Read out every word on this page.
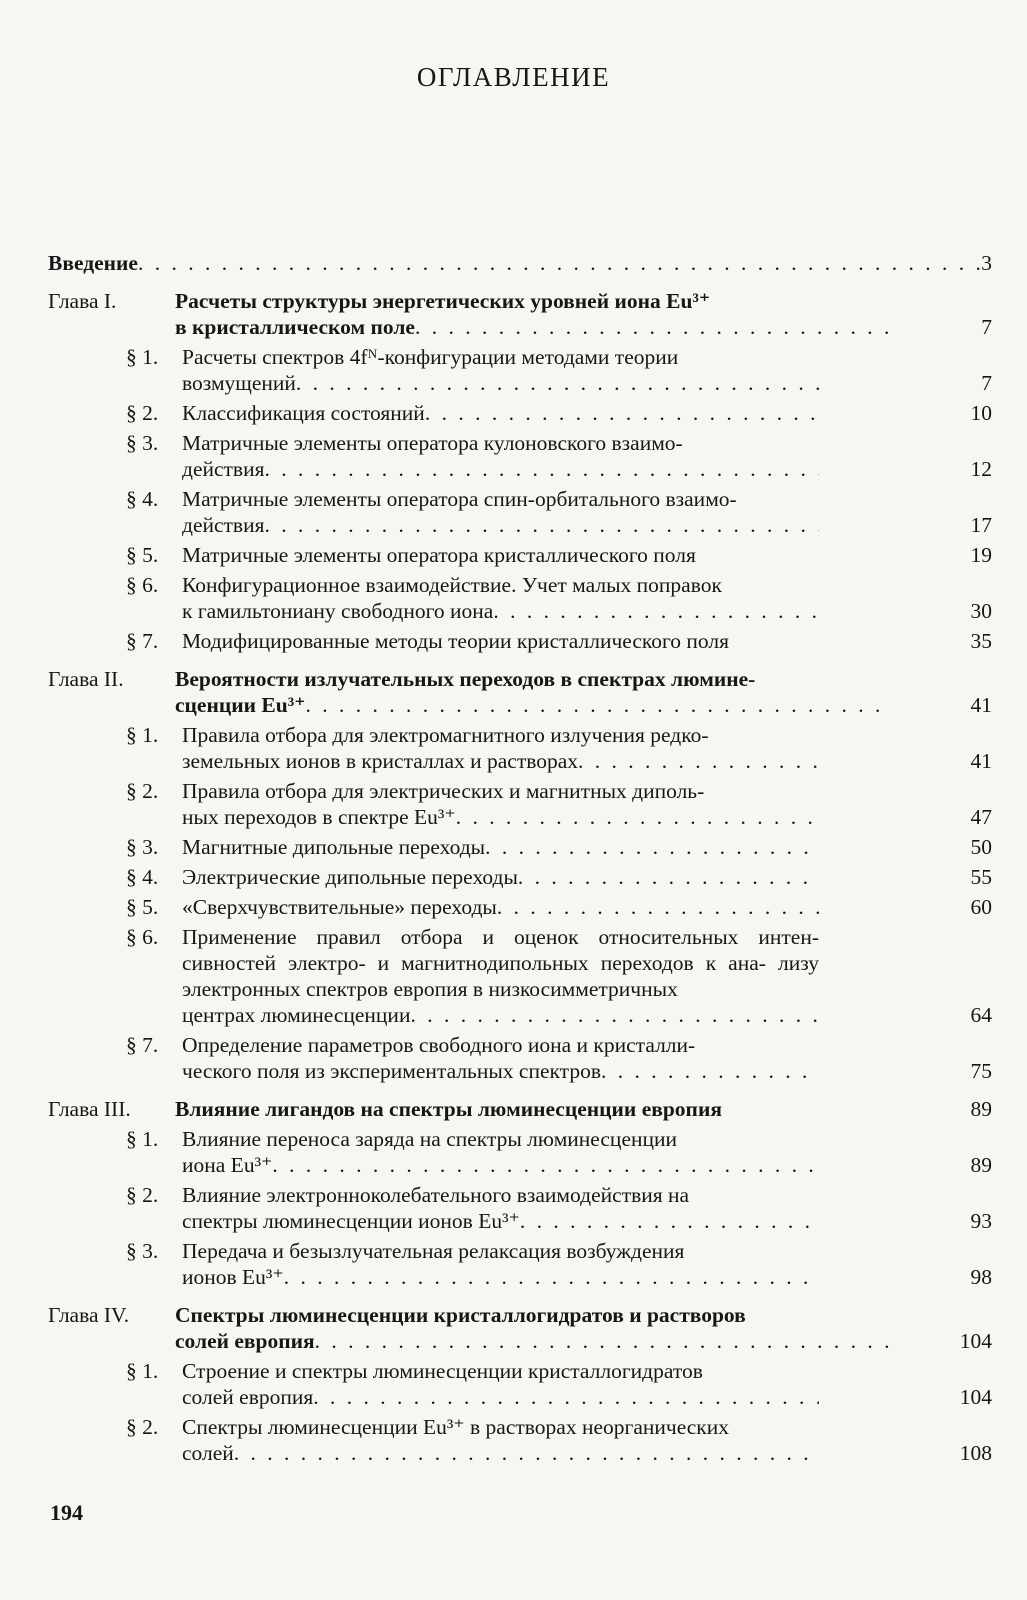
ОГЛАВЛЕНИЕ
Введение . . .	3
Глава I.	Расчеты структуры энергетических уровней иона Eu³⁺
в кристаллическом поле . . .	7
§ 1.	Расчеты спектров 4fᴺ-конфигурации методами теории
возмущений . . .	7
§ 2.	Классификация состояний . . .	10
§ 3.	Матричные элементы оператора кулоновского взаимо-
действия . . .	12
§ 4.	Матричные элементы оператора спин-орбитального взаимо-
действия . . .	17
§ 5.	Матричные элементы оператора кристаллического поля	19
§ 6.	Конфигурационное взаимодействие. Учет малых поправок
к гамильтониану свободного иона . . .	30
§ 7.	Модифицированные методы теории кристаллического поля	35
Глава II.	Вероятности излучательных переходов в спектрах люмине-
сценции Eu³⁺ . . .	41
§ 1.	Правила отбора для электромагнитного излучения редко-
земельных ионов в кристаллах и растворах . . .	41
§ 2.	Правила отбора для электрических и магнитных диполь-
ных переходов в спектре Eu³⁺ . . .	47
§ 3.	Магнитные дипольные переходы . . .	50
§ 4.	Электрические дипольные переходы . . .	55
§ 5.	«Сверхчувствительные» переходы . . .	60
§ 6.	Применение правил отбора и оценок относительных интен- сивностей электро- и магнитнодипольных переходов к ана- лизу электронных спектров европия в низкосимметричных
центрах люминесценции . . .	64
§ 7.	Определение параметров свободного иона и кристалли-
ческого поля из экспериментальных спектров . . .	75
Глава III.	Влияние лигандов на спектры люминесценции европия	89
§ 1.	Влияние переноса заряда на спектры люминесценции
иона Eu³⁺ . . .	89
§ 2.	Влияние электронноколебательного взаимодействия на
спектры люминесценции ионов Eu³⁺ . . .	93
§ 3.	Передача и безызлучательная релаксация возбуждения
ионов Eu³⁺ . . .	98
Глава IV.	Спектры люминесценции кристаллогидратов и растворов
солей европия . . .	104
§ 1.	Строение и спектры люминесценции кристаллогидратов
солей европия . . .	104
§ 2.	Спектры люминесценции Eu³⁺ в растворах неорганических
солей . . .	108
194
